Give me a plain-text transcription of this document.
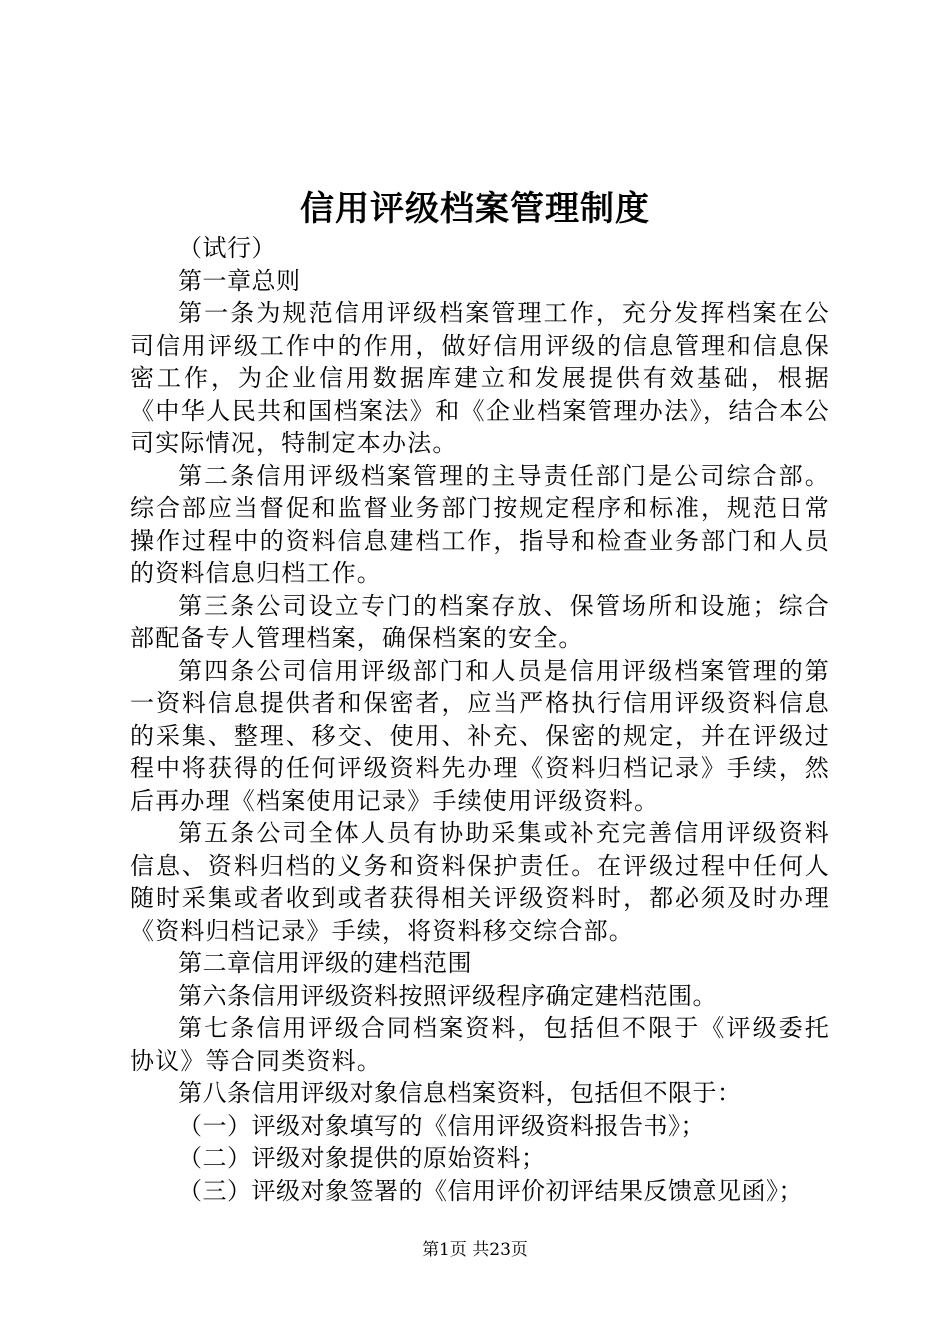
信用评级档案管理制度

（试行）

第一章总则

第一条为规范信用评级档案管理工作，充分发挥档案在公司信用评级工作中的作用，做好信用评级的信息管理和信息保密工作，为企业信用数据库建立和发展提供有效基础，根据《中华人民共和国档案法》和《企业档案管理办法》，结合本公司实际情况，特制定本办法。

第二条信用评级档案管理的主导责任部门是公司综合部。综合部应当督促和监督业务部门按规定程序和标准，规范日常操作过程中的资料信息建档工作，指导和检查业务部门和人员的资料信息归档工作。

第三条公司设立专门的档案存放、保管场所和设施；综合部配备专人管理档案，确保档案的安全。

第四条公司信用评级部门和人员是信用评级档案管理的第一资料信息提供者和保密者，应当严格执行信用评级资料信息的采集、整理、移交、使用、补充、保密的规定，并在评级过程中将获得的任何评级资料先办理《资料归档记录》手续，然后再办理《档案使用记录》手续使用评级资料。

第五条公司全体人员有协助采集或补充完善信用评级资料信息、资料归档的义务和资料保护责任。在评级过程中任何人随时采集或者收到或者获得相关评级资料时，都必须及时办理《资料归档记录》手续，将资料移交综合部。

第二章信用评级的建档范围

第六条信用评级资料按照评级程序确定建档范围。

第七条信用评级合同档案资料，包括但不限于《评级委托协议》等合同类资料。

第八条信用评级对象信息档案资料，包括但不限于：

（一）评级对象填写的《信用评级资料报告书》；

（二）评级对象提供的原始资料；

（三）评级对象签署的《信用评价初评结果反馈意见函》；

第1页 共23页
